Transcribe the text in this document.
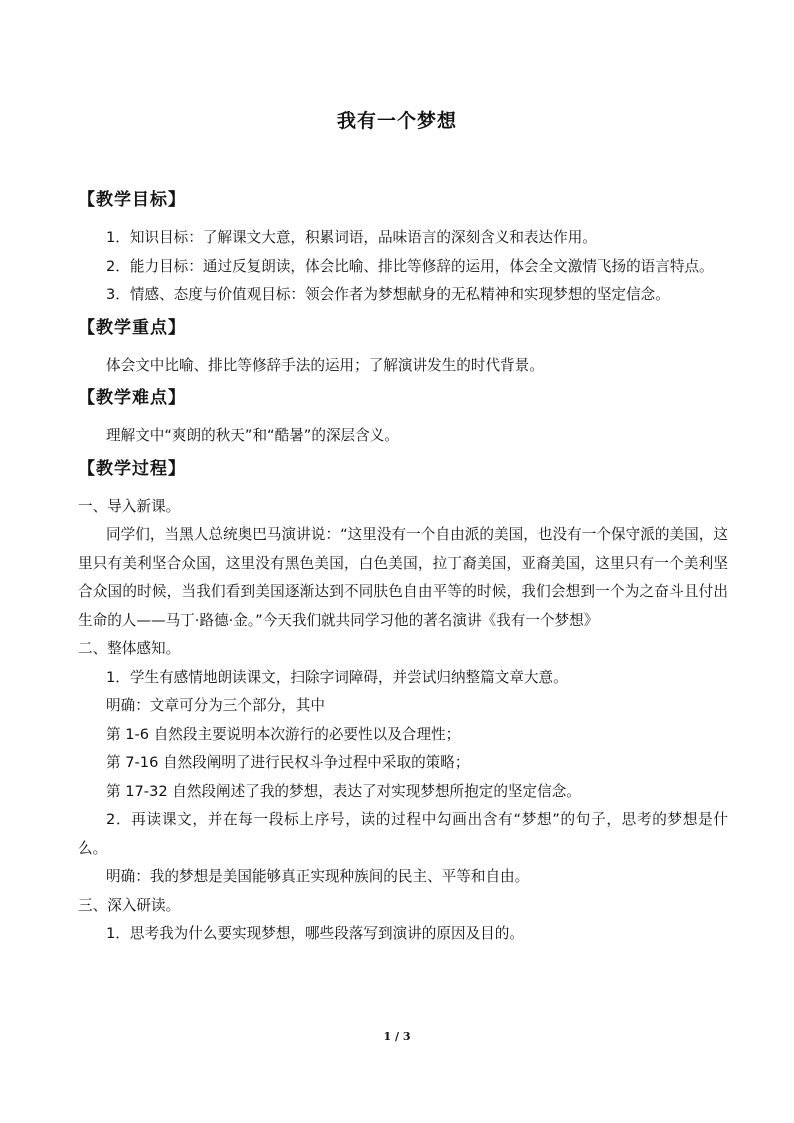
我有一个梦想
【教学目标】

1．知识目标：了解课文大意，积累词语，品味语言的深刻含义和表达作用。

2．能力目标：通过反复朗读，体会比喻、排比等修辞的运用，体会全文激情飞扬的语言特点。

3．情感、态度与价值观目标：领会作者为梦想献身的无私精神和实现梦想的坚定信念。

【教学重点】

体会文中比喻、排比等修辞手法的运用；了解演讲发生的时代背景。

【教学难点】

理解文中“爽朗的秋天”和“酷暑”的深层含义。

【教学过程】

一、导入新课。

同学们，当黑人总统奥巴马演讲说：“这里没有一个自由派的美国，也没有一个保守派的美国，这里只有美利坚合众国，这里没有黑色美国，白色美国，拉丁裔美国，亚裔美国，这里只有一个美利坚合众国的时候，当我们看到美国逐渐达到不同肤色自由平等的时候，我们会想到一个为之奋斗且付出生命的人——马丁·路德·金。”今天我们就共同学习他的著名演讲《我有一个梦想》

二、整体感知。

1．学生有感情地朗读课文，扫除字词障碍，并尝试归纳整篇文章大意。

明确：文章可分为三个部分，其中

第 1-6 自然段主要说明本次游行的必要性以及合理性；

第 7-16 自然段阐明了进行民权斗争过程中采取的策略；

第 17-32 自然段阐述了我的梦想，表达了对实现梦想所抱定的坚定信念。

2．再读课文，并在每一段标上序号，读的过程中勾画出含有“梦想”的句子，思考的梦想是什么。

明确：我的梦想是美国能够真正实现种族间的民主、平等和自由。

三、深入研读。

1．思考我为什么要实现梦想，哪些段落写到演讲的原因及目的。

1 / 3
